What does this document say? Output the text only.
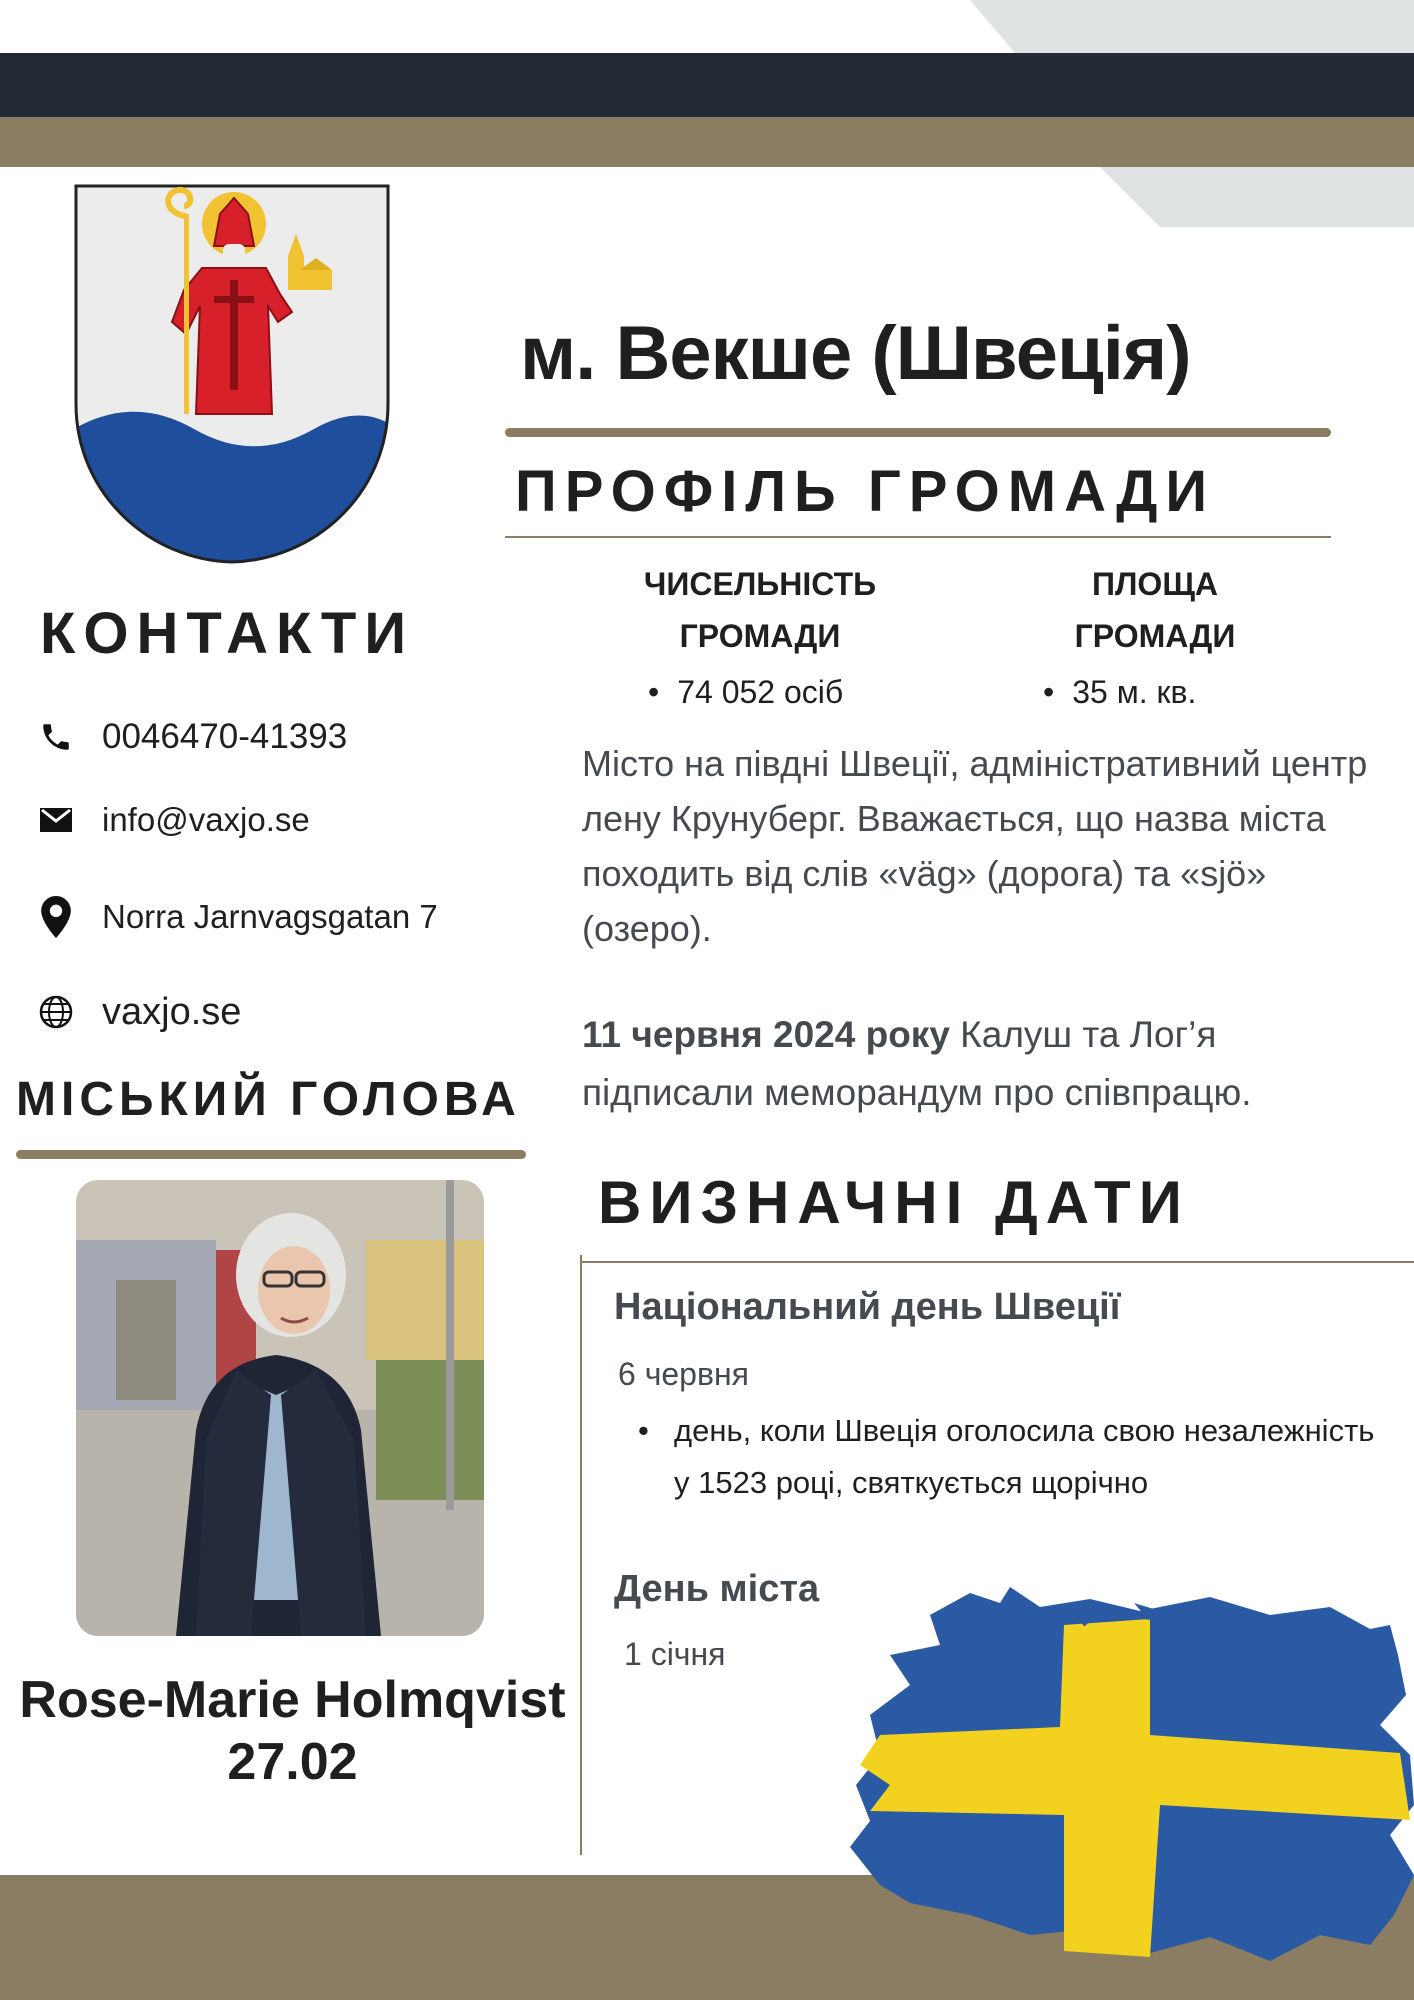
м. Векше (Швеція)
ПРОФІЛЬ ГРОМАДИ
ЧИСЕЛЬНІСТЬ
ГРОМАДИ
• 74 052 осіб
ПЛОЩА
ГРОМАДИ
• 35 м. кв.
Місто на півдні Швеції, адміністративний центр лену Крунуберг. Вважається, що назва міста походить від слів «väg» (дорога) та «sjö» (озеро).
11 червня 2024 року Калуш та Лог’я підписали меморандум про співпрацю.
ВИЗНАЧНІ ДАТИ
Національний день Швеції
6 червня
• день, коли Швеція оголосила свою незалежність у 1523 році, святкується щорічно
День міста
1 січня
КОНТАКТИ
0046470-41393
info@vaxjo.se
Norra Jarnvagsgatan 7
vaxjo.se
МІСЬКИЙ ГОЛОВА
Rose-Marie Holmqvist
27.02
